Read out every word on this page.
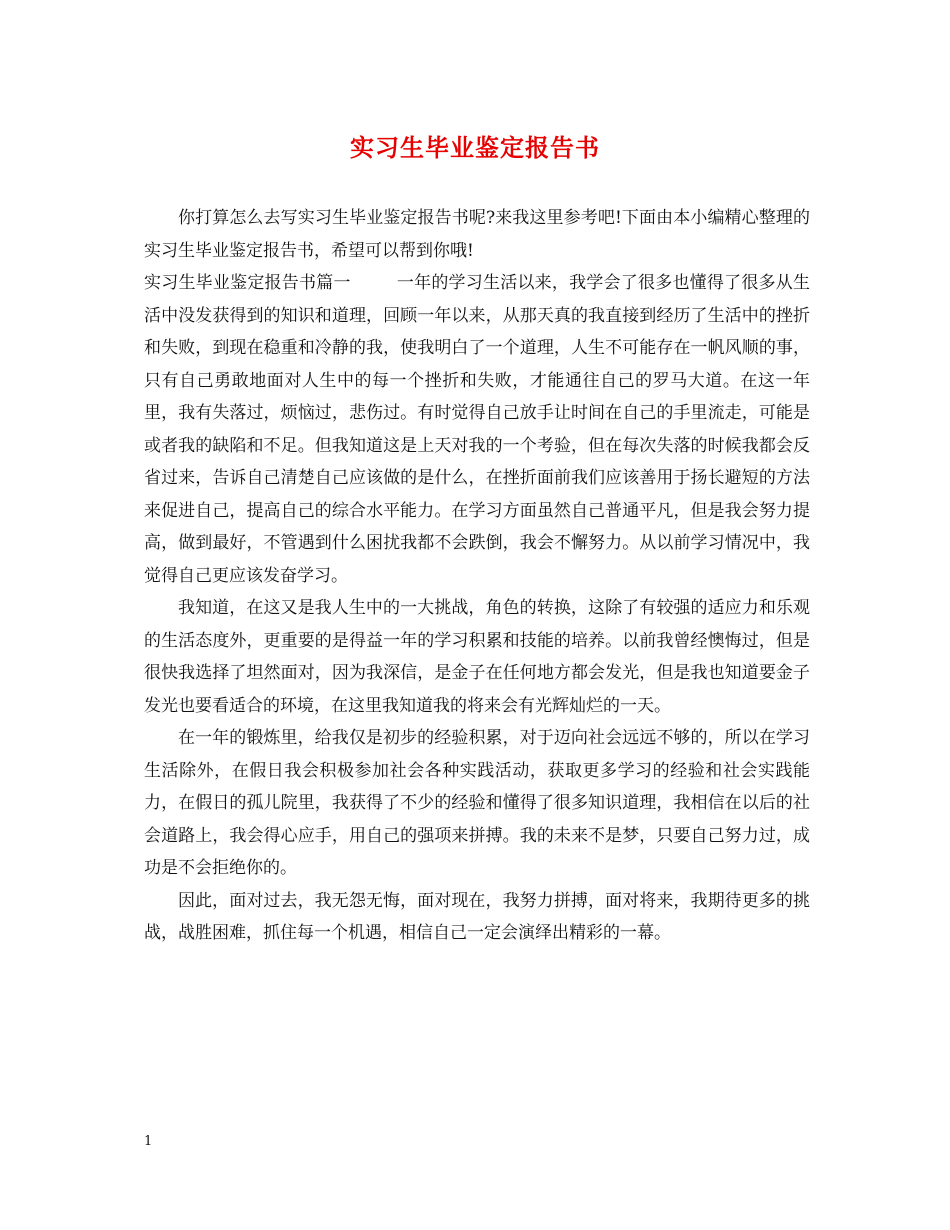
实习生毕业鉴定报告书

你打算怎么去写实习生毕业鉴定报告书呢?来我这里参考吧!下面由本小编精心整理的实习生毕业鉴定报告书，希望可以帮到你哦!

实习生毕业鉴定报告书篇一	一年的学习生活以来，我学会了很多也懂得了很多从生活中没发获得到的知识和道理，回顾一年以来，从那天真的我直接到经历了生活中的挫折和失败，到现在稳重和冷静的我，使我明白了一个道理，人生不可能存在一帆风顺的事，只有自己勇敢地面对人生中的每一个挫折和失败，才能通往自己的罗马大道。在这一年里，我有失落过，烦恼过，悲伤过。有时觉得自己放手让时间在自己的手里流走，可能是或者我的缺陷和不足。但我知道这是上天对我的一个考验，但在每次失落的时候我都会反省过来，告诉自己清楚自己应该做的是什么，在挫折面前我们应该善用于扬长避短的方法来促进自己，提高自己的综合水平能力。在学习方面虽然自己普通平凡，但是我会努力提高，做到最好，不管遇到什么困扰我都不会跌倒，我会不懈努力。从以前学习情况中，我觉得自己更应该发奋学习。

我知道，在这又是我人生中的一大挑战，角色的转换，这除了有较强的适应力和乐观的生活态度外，更重要的是得益一年的学习积累和技能的培养。以前我曾经懊悔过，但是很快我选择了坦然面对，因为我深信，是金子在任何地方都会发光，但是我也知道要金子发光也要看适合的环境，在这里我知道我的将来会有光辉灿烂的一天。

在一年的锻炼里，给我仅是初步的经验积累，对于迈向社会远远不够的，所以在学习生活除外，在假日我会积极参加社会各种实践活动，获取更多学习的经验和社会实践能力，在假日的孤儿院里，我获得了不少的经验和懂得了很多知识道理，我相信在以后的社会道路上，我会得心应手，用自己的强项来拼搏。我的未来不是梦，只要自己努力过，成功是不会拒绝你的。

因此，面对过去，我无怨无悔，面对现在，我努力拼搏，面对将来，我期待更多的挑战，战胜困难，抓住每一个机遇，相信自己一定会演绎出精彩的一幕。

1
